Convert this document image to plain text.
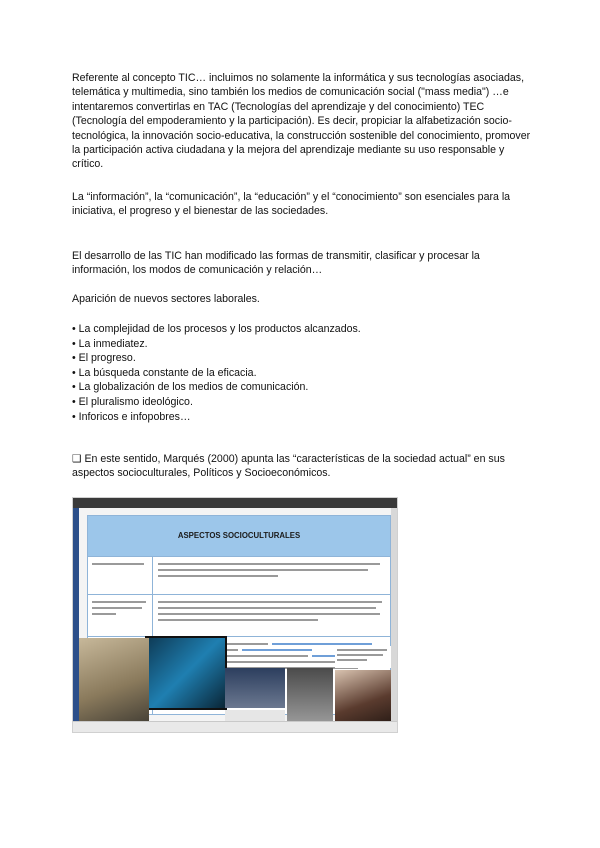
Referente al concepto TIC… incluimos no solamente la informática y sus tecnologías asociadas, telemática y multimedia, sino también los medios de comunicación social ("mass media") …e intentaremos convertirlas en TAC (Tecnologías del aprendizaje y del conocimiento) TEC (Tecnología del empoderamiento y la participación). Es decir, propiciar la alfabetización socio-tecnológica, la innovación socio-educativa, la construcción sostenible del conocimiento, promover la participación activa ciudadana y la mejora del aprendizaje mediante su uso responsable y crítico.

La “información”, la “comunicación”, la “educación” y el “conocimiento” son esenciales para la iniciativa, el progreso y el bienestar de las sociedades.

El desarrollo de las TIC han modificado las formas de transmitir, clasificar y procesar la información, los modos de comunicación y relación…

Aparición de nuevos sectores laborales.

• La complejidad de los procesos y los productos alcanzados.
• La inmediatez.
• El progreso.
• La búsqueda constante de la eficacia.
• La globalización de los medios de comunicación.
• El pluralismo ideológico.
• Inforicos e infopobres…

❑ En este sentido, Marqués (2000) apunta las “características de la sociedad actual” en sus aspectos socioculturales, Políticos y Socioeconómicos.

ASPECTOS SOCIOCULTURALES
